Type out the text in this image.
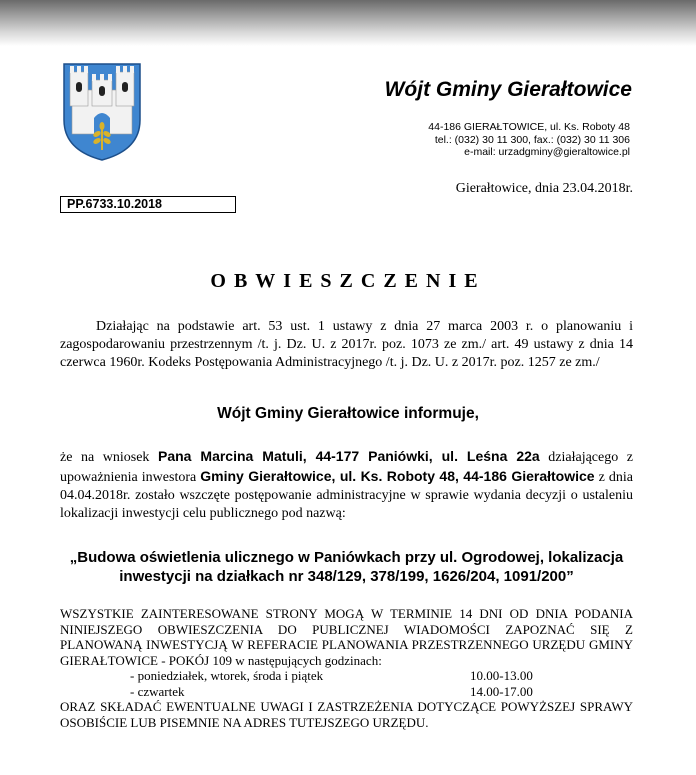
Wójt Gminy Gierałtowice
44-186 GIERAŁTOWICE, ul. Ks. Roboty 48
tel.: (032) 30 11 300, fax.: (032) 30 11 306
e-mail: urzadgminy@gieraltowice.pl
Gierałtowice, dnia 23.04.2018r.
PP.6733.10.2018
OBWIESZCZENIE
Działając na podstawie art. 53 ust. 1 ustawy z dnia 27 marca 2003 r. o planowaniu i zagospodarowaniu przestrzennym /t. j. Dz. U. z 2017r. poz. 1073 ze zm./ art. 49 ustawy z dnia 14 czerwca 1960r. Kodeks Postępowania Administracyjnego /t. j. Dz. U. z 2017r. poz. 1257 ze zm./
Wójt Gminy Gierałtowice informuje,
że na wniosek Pana Marcina Matuli, 44-177 Paniówki, ul. Leśna 22a działającego z upoważnienia inwestora Gminy Gierałtowice, ul. Ks. Roboty 48, 44-186 Gierałtowice z dnia 04.04.2018r. zostało wszczęte postępowanie administracyjne w sprawie wydania decyzji o ustaleniu lokalizacji inwestycji celu publicznego pod nazwą:
„Budowa oświetlenia ulicznego w Paniówkach przy ul. Ogrodowej, lokalizacja inwestycji na działkach nr 348/129, 378/199, 1626/204, 1091/200”
WSZYSTKIE ZAINTERESOWANE STRONY MOGĄ W TERMINIE 14 DNI OD DNIA PODANIA NINIEJSZEGO OBWIESZCZENIA DO PUBLICZNEJ WIADOMOŚCI ZAPOZNAĆ SIĘ Z PLANOWANĄ INWESTYCJĄ W REFERACIE PLANOWANIA PRZESTRZENNEGO URZĘDU GMINY GIERAŁTOWICE - POKÓJ 109 w następujących godzinach:
- poniedziałek, wtorek, środa i piątek	10.00-13.00
- czwartek	14.00-17.00
ORAZ SKŁADAĆ EWENTUALNE UWAGI I ZASTRZEŻENIA DOTYCZĄCE POWYŻSZEJ SPRAWY OSOBIŚCIE LUB PISEMNIE NA ADRES TUTEJSZEGO URZĘDU.
